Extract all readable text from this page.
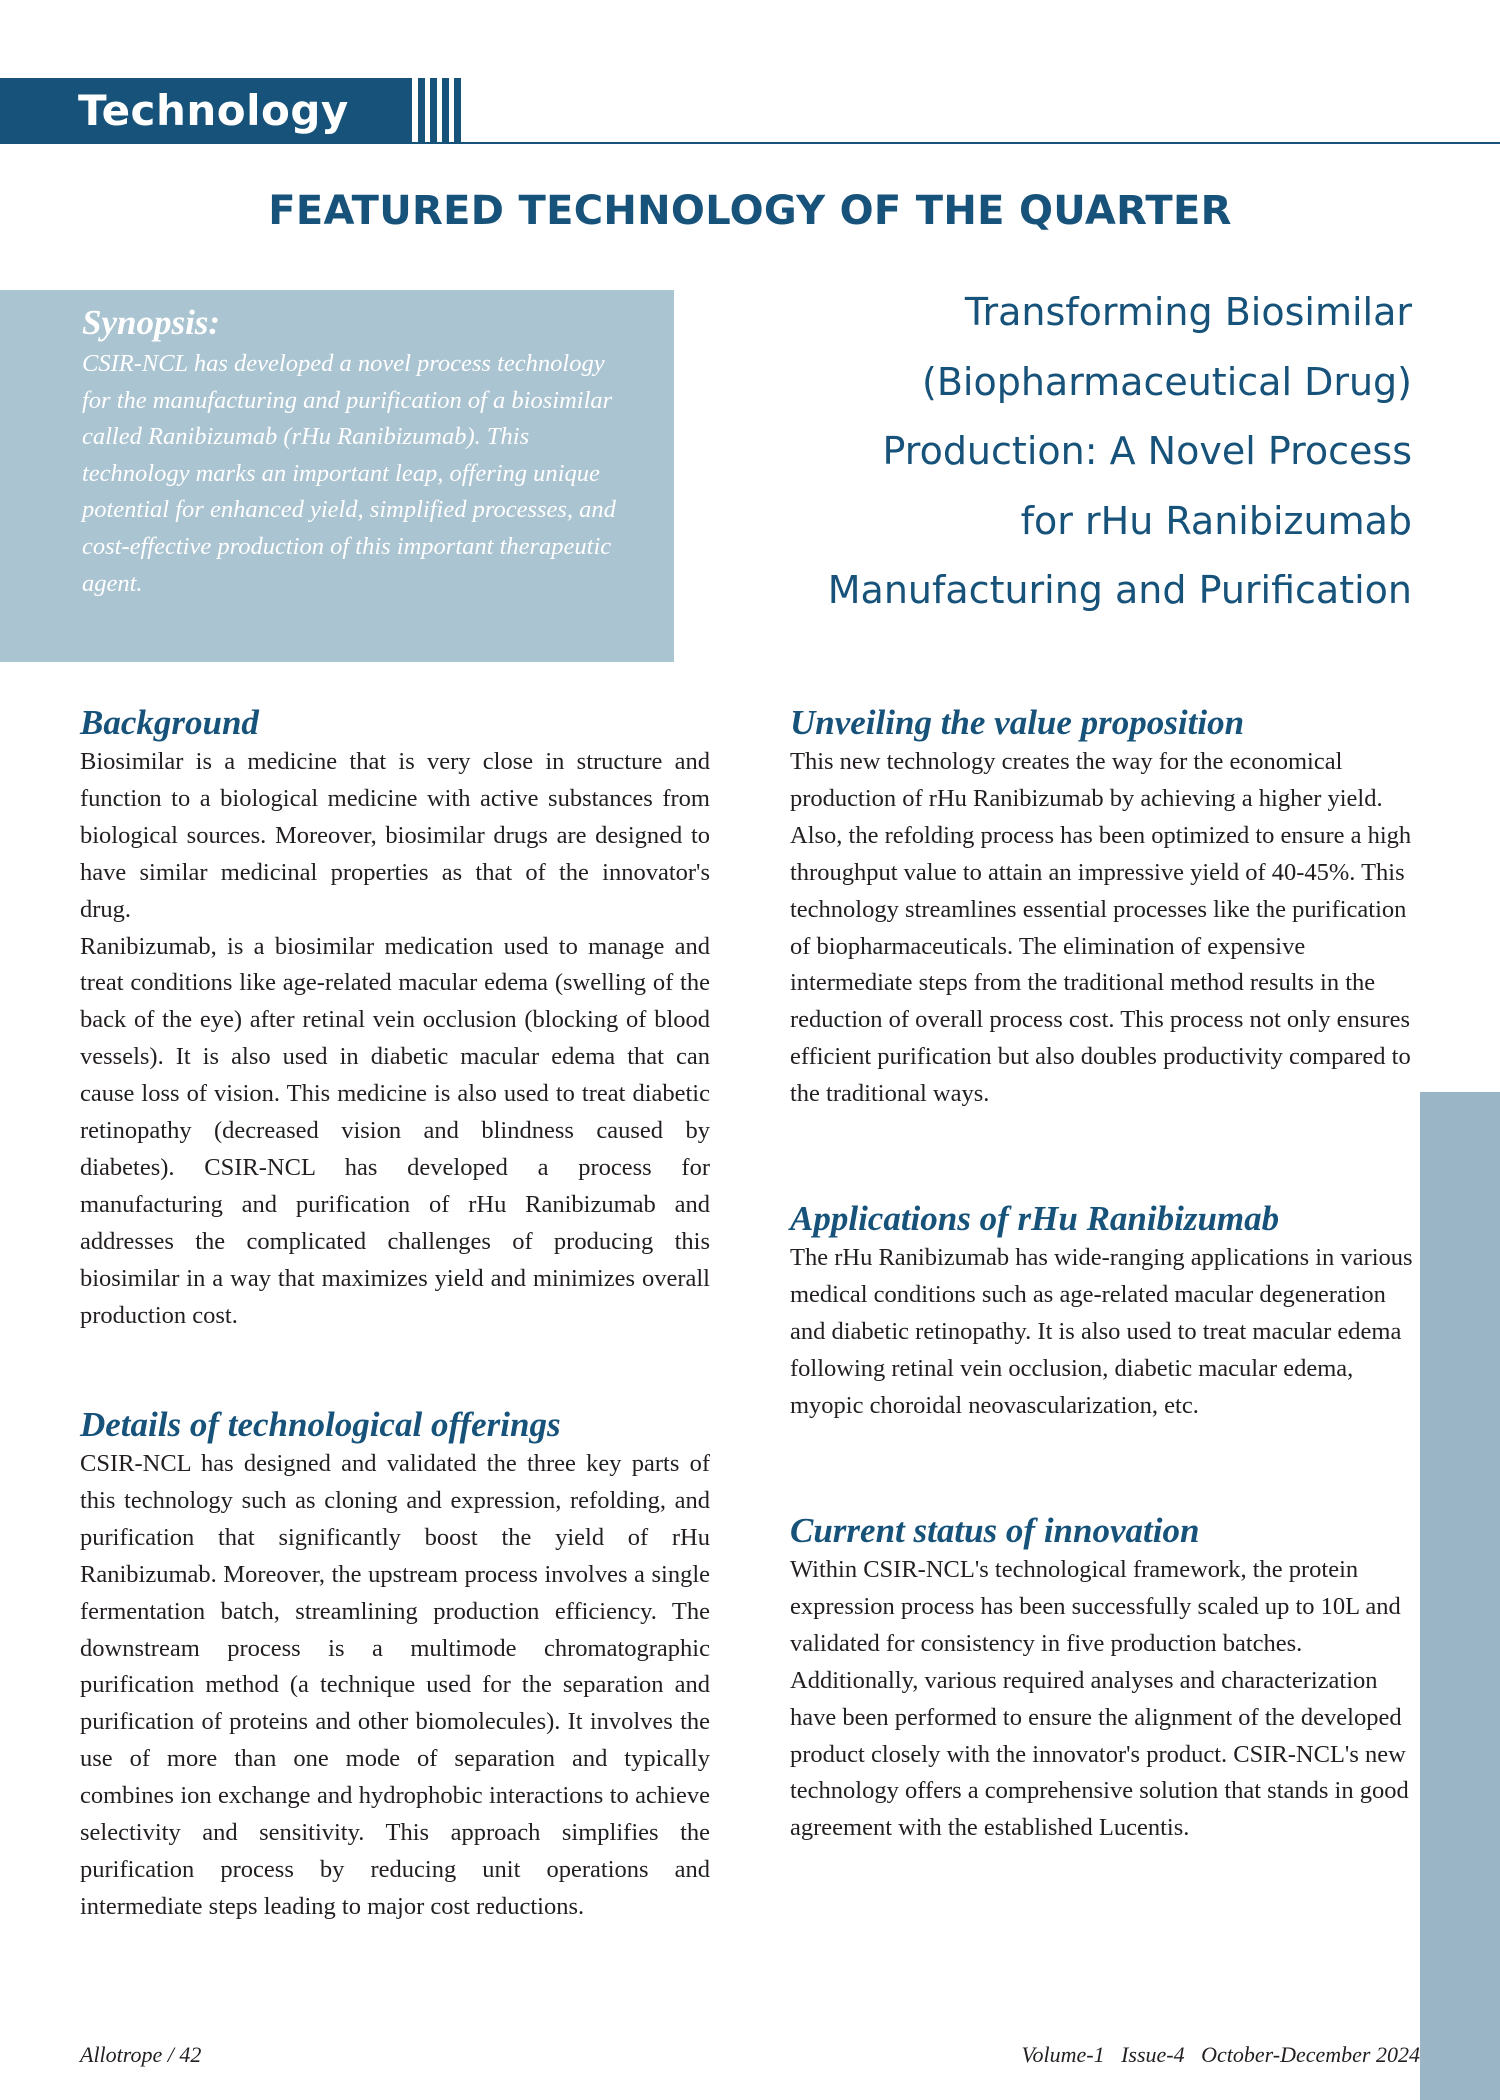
Technology
FEATURED TECHNOLOGY OF THE QUARTER
Synopsis:

CSIR-NCL has developed a novel process technology for the manufacturing and purification of a biosimilar called Ranibizumab (rHu Ranibizumab). This technology marks an important leap, offering unique potential for enhanced yield, simplified processes, and cost-effective production of this important therapeutic agent.

Transforming Biosimilar
(Biopharmaceutical Drug)
Production: A Novel Process
for rHu Ranibizumab
Manufacturing and Purification
Background

Biosimilar is a medicine that is very close in structure and function to a biological medicine with active substances from biological sources. Moreover, biosimilar drugs are designed to have similar medicinal properties as that of the innovator's drug.

Ranibizumab, is a biosimilar medication used to manage and treat conditions like age-related macular edema (swelling of the back of the eye) after retinal vein occlusion (blocking of blood vessels). It is also used in diabetic macular edema that can cause loss of vision. This medicine is also used to treat diabetic retinopathy (decreased vision and blindness caused by diabetes). CSIR-NCL has developed a process for manufacturing and purification of rHu Ranibizumab and addresses the complicated challenges of producing this biosimilar in a way that maximizes yield and minimizes overall production cost.

Details of technological offerings

CSIR-NCL has designed and validated the three key parts of this technology such as cloning and expression, refolding, and purification that significantly boost the yield of rHu Ranibizumab. Moreover, the upstream process involves a single fermentation batch, streamlining production efficiency. The downstream process is a multimode chromatographic purification method (a technique used for the separation and purification of proteins and other biomolecules). It involves the use of more than one mode of separation and typically combines ion exchange and hydrophobic interactions to achieve selectivity and sensitivity. This approach simplifies the purification process by reducing unit operations and intermediate steps leading to major cost reductions.

Unveiling the value proposition

This new technology creates the way for the economical production of rHu Ranibizumab by achieving a higher yield. Also, the refolding process has been optimized to ensure a high throughput value to attain an impressive yield of 40-45%. This technology streamlines essential processes like the purification of biopharmaceuticals. The elimination of expensive intermediate steps from the traditional method results in the reduction of overall process cost. This process not only ensures efficient purification but also doubles productivity compared to the traditional ways.

Applications of rHu Ranibizumab

The rHu Ranibizumab has wide-ranging applications in various medical conditions such as age-related macular degeneration and diabetic retinopathy. It is also used to treat macular edema following retinal vein occlusion, diabetic macular edema, myopic choroidal neovascularization, etc.

Current status of innovation

Within CSIR-NCL's technological framework, the protein expression process has been successfully scaled up to 10L and validated for consistency in five production batches. Additionally, various required analyses and characterization have been performed to ensure the alignment of the developed product closely with the innovator's product. CSIR-NCL's new technology offers a comprehensive solution that stands in good agreement with the established Lucentis.

Allotrope / 42	Volume-1   Issue-4   October-December 2024
